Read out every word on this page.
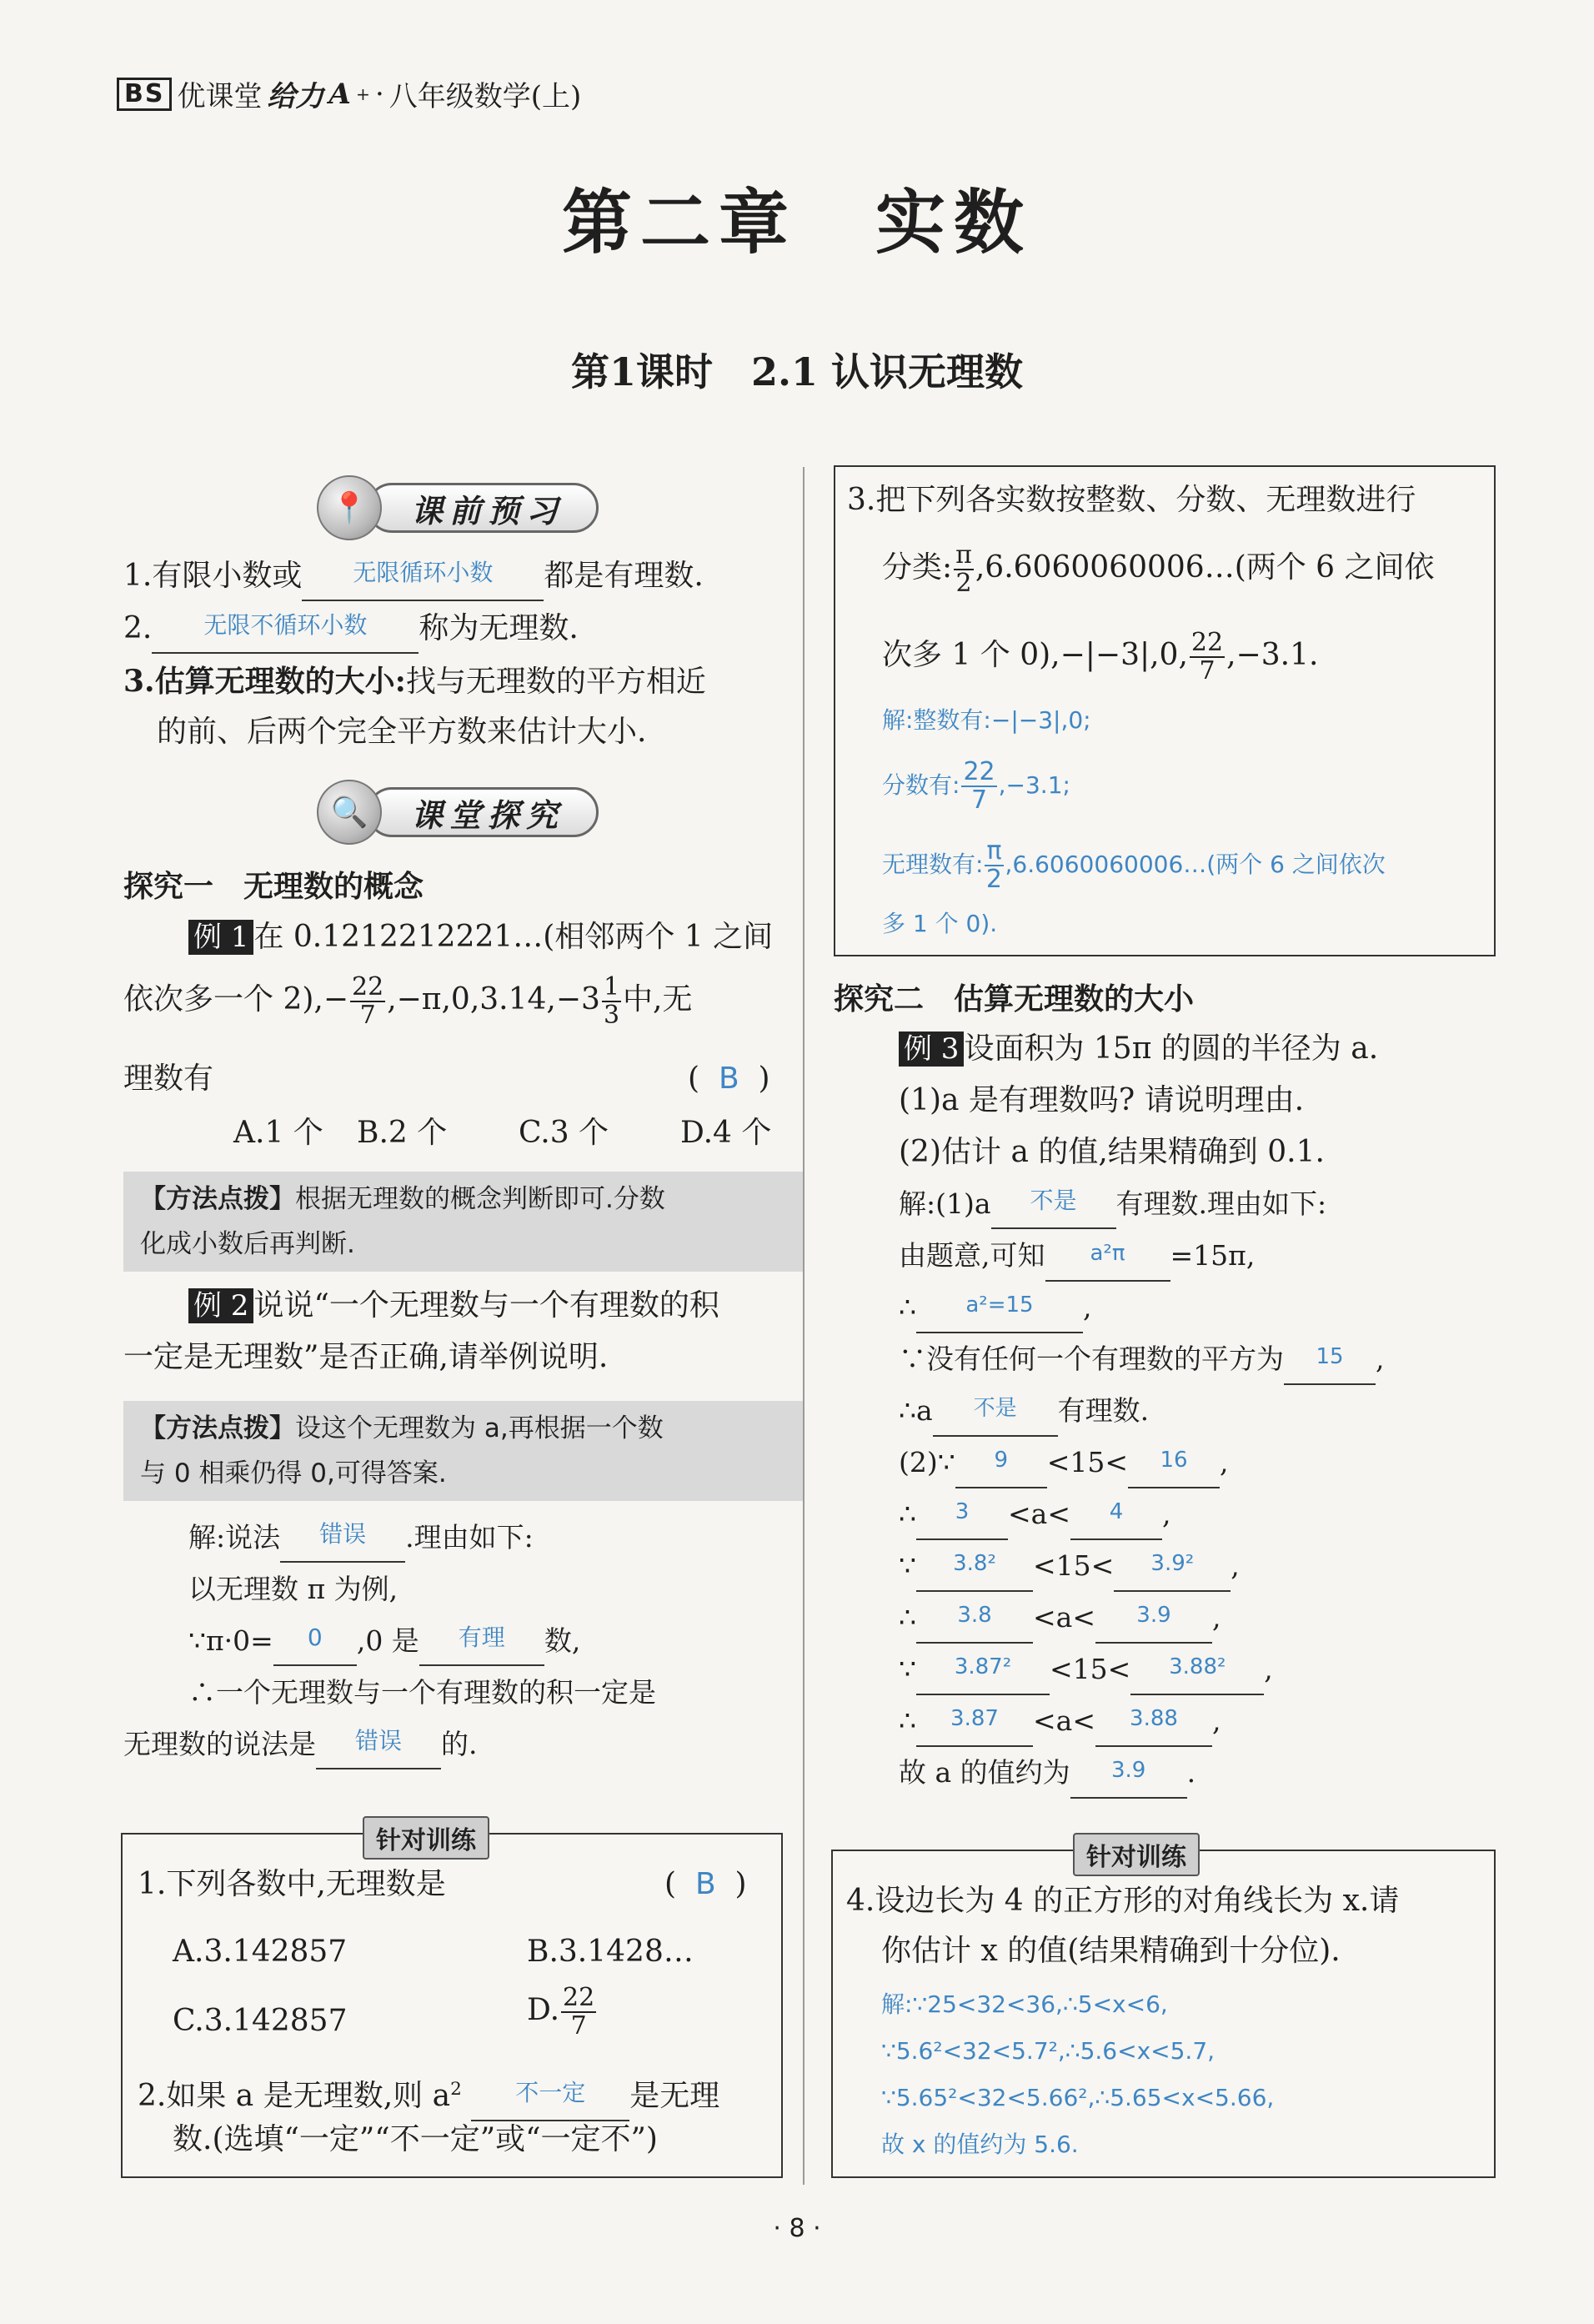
BS 优课堂 给力 A + · 八年级数学(上)
第二章　实数
第1课时　2.1 认识无理数
📍	课前预习
1.有限小数或 无限循环小数 都是有理数.
2. 无限不循环小数 称为无理数.
3.估算无理数的大小:找与无理数的平方相近
的前、后两个完全平方数来估计大小.
🔍	课堂探究
探究一　无理数的概念
例 1 在 0.1212212221…(相邻两个 1 之间
依次多一个 $2),- \frac{22}{7} ,-\pi,0,3.14,-3 \frac{1}{3}$ 中,无
理数有	( B )
A.1 个 B.2 个 C.3 个 D.4 个
【方法点拨】根据无理数的概念判断即可.分数
化成小数后再判断.
例 2 说说“一个无理数与一个有理数的积
一定是无理数”是否正确,请举例说明.
【方法点拨】设这个无理数为 a,再根据一个数
与 0 相乘仍得 0,可得答案.
解:说法 错误 .理由如下:
以无理数 π 为例,
∵π·0= 0 ,0 是 有理 数,
∴一个无理数与一个有理数的积一定是
无理数的说法是 错误 的.
针对训练
1.下列各数中,无理数是	( B )
A.3.142857	B.3.1428…
C.3.142857	D. $\frac{22}{7}$
2.如果 a 是无理数,则 $a^2$ 不一定 是无理
数.(选填“一定”“不一定”或“一定不”)
3.把下列各实数按整数、分数、无理数进行
分类: $\frac{\pi}{2}$ ,6.6060060006…(两个 6 之间依
次多 1 个 0),−|−3|,0, $\frac{22}{7} ,-3.1$.
解:整数有:−|−3|,0;
分数有: $\frac{22}{7} ,-3.1$;
无理数有: $\frac{\pi}{2}$ ,6.6060060006…(两个 6 之间依次
多 1 个 0).
探究二　估算无理数的大小
例 3 设面积为 15π 的圆的半径为 a.
(1)a 是有理数吗? 请说明理由.
(2)估计 a 的值,结果精确到 0.1.
解:(1)a 不是 有理数.理由如下:
由题意,可知 a²π =15π,
∴ a²=15 ,
∵没有任何一个有理数的平方为 15 ,
∴a 不是 有理数.
(2)∵ 9 <15< 16 ,
∴ 3 <a< 4 ,
∵ 3.8² <15< 3.9² ,
∴ 3.8 <a< 3.9 ,
∵ 3.87² <15< 3.88² ,
∴ 3.87 <a< 3.88 ,
故 a 的值约为 3.9 .
针对训练
4.设边长为 4 的正方形的对角线长为 x.请
你估计 x 的值(结果精确到十分位).
解:∵25<32<36,∴5<x<6,
∵5.6²<32<5.7²,∴5.6<x<5.7,
∵5.65²<32<5.66²,∴5.65<x<5.66,
故 x 的值约为 5.6.
· 8 ·
